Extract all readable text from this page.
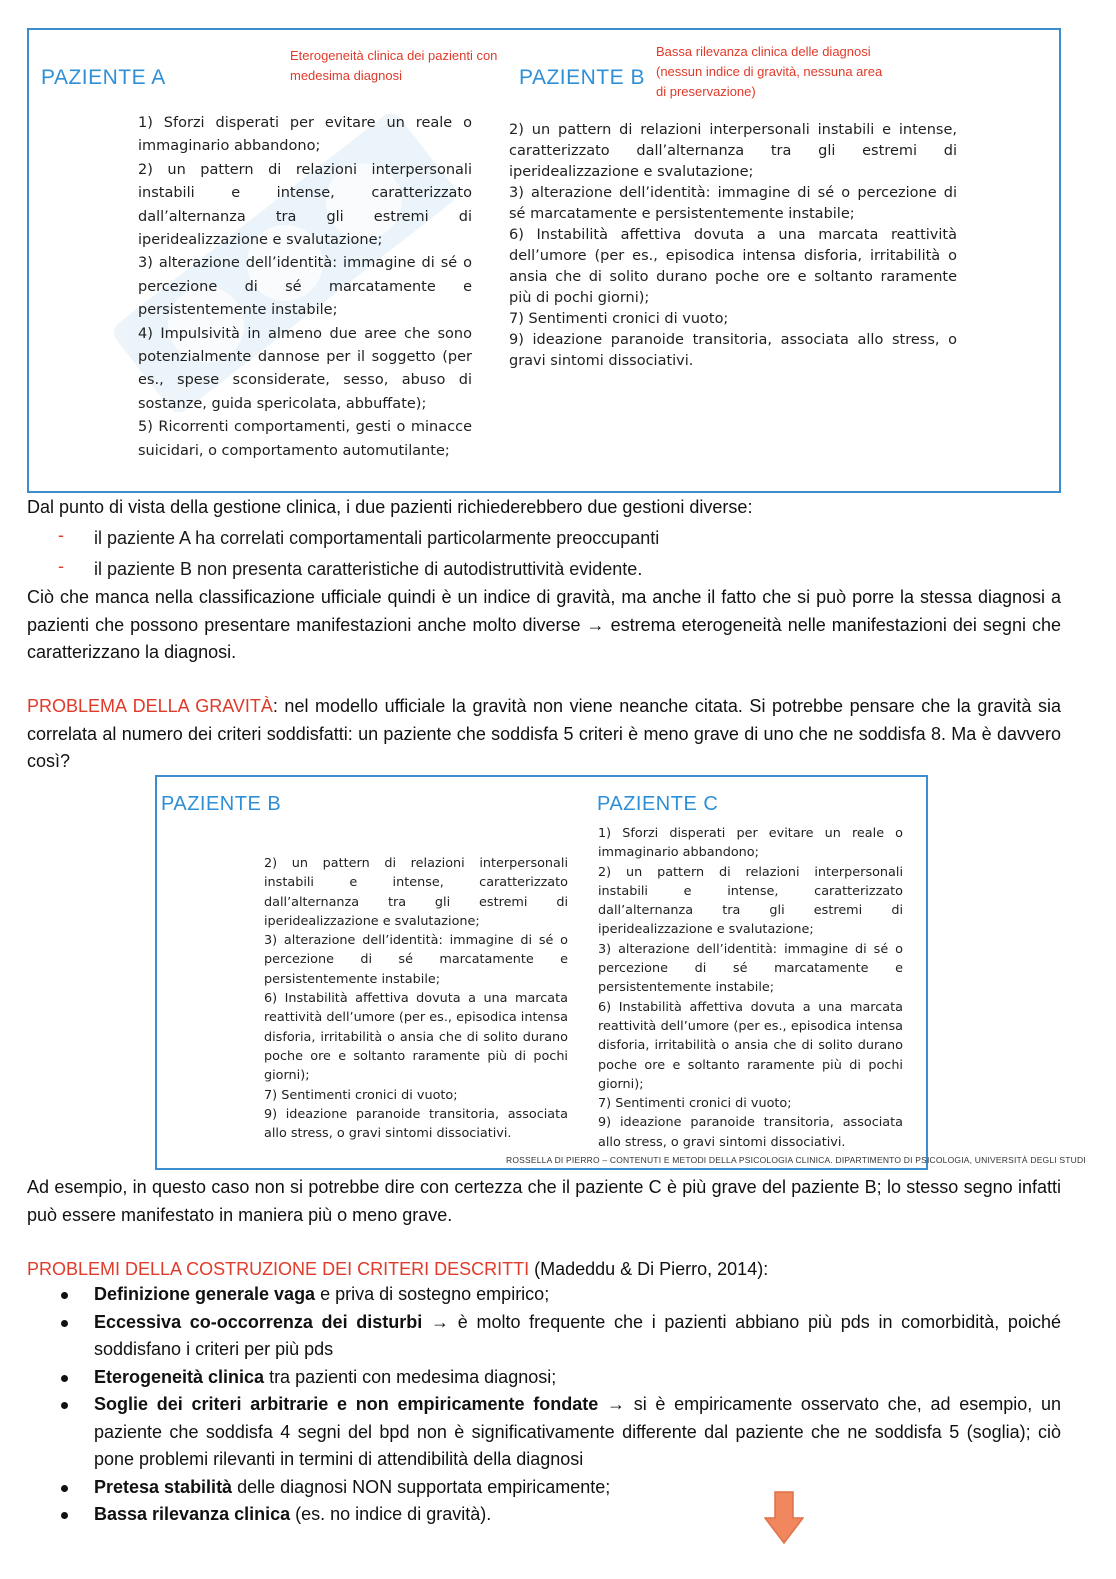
PAZIENTE A
Eterogeneità clinica dei pazienti con
medesima diagnosi	PAZIENTE B
Bassa rilevanza clinica delle diagnosi
(nessun indice di gravità, nessuna area
di preservazione)

1) Sforzi disperati per evitare un reale o immaginario abbandono;

2) un pattern di relazioni interpersonali instabili e intense, caratterizzato dall’alternanza tra gli estremi di iperidealizzazione e svalutazione;

3) alterazione dell’identità: immagine di sé o percezione di sé marcatamente e persistentemente instabile;

4) Impulsività in almeno due aree che sono potenzialmente dannose per il soggetto (per es., spese sconsiderate, sesso, abuso di sostanze, guida spericolata, abbuffate);

5) Ricorrenti comportamenti, gesti o minacce suicidari, o comportamento automutilante;

2) un pattern di relazioni interpersonali instabili e intense, caratterizzato dall’alternanza tra gli estremi di iperidealizzazione e svalutazione;

3) alterazione dell’identità: immagine di sé o percezione di sé marcatamente e persistentemente instabile;

6) Instabilità affettiva dovuta a una marcata reattività dell’umore (per es., episodica intensa disforia, irritabilità o ansia che di solito durano poche ore e soltanto raramente più di pochi giorni);

7) Sentimenti cronici di vuoto;

9) ideazione paranoide transitoria, associata allo stress, o gravi sintomi dissociativi.

Dal punto di vista della gestione clinica, i due pazienti richiederebbero due gestioni diverse:
- il paziente A ha correlati comportamentali particolarmente preoccupanti
- il paziente B non presenta caratteristiche di autodistruttività evidente.
Ciò che manca nella classificazione ufficiale quindi è un indice di gravità, ma anche il fatto che si può porre la stessa diagnosi a pazienti che possono presentare manifestazioni anche molto diverse → estrema eterogeneità nelle manifestazioni dei segni che caratterizzano la diagnosi.
PROBLEMA DELLA GRAVITÀ: nel modello ufficiale la gravità non viene neanche citata. Si potrebbe pensare che la gravità sia correlata al numero dei criteri soddisfatti: un paziente che soddisfa 5 criteri è meno grave di uno che ne soddisfa 8. Ma è davvero così?
PAZIENTE B	PAZIENTE C

2) un pattern di relazioni interpersonali instabili e intense, caratterizzato dall’alternanza tra gli estremi di iperidealizzazione e svalutazione;

3) alterazione dell’identità: immagine di sé o percezione di sé marcatamente e persistentemente instabile;

6) Instabilità affettiva dovuta a una marcata reattività dell’umore (per es., episodica intensa disforia, irritabilità o ansia che di solito durano poche ore e soltanto raramente più di pochi giorni);

7) Sentimenti cronici di vuoto;

9) ideazione paranoide transitoria, associata allo stress, o gravi sintomi dissociativi.

1) Sforzi disperati per evitare un reale o immaginario abbandono;

2) un pattern di relazioni interpersonali instabili e intense, caratterizzato dall’alternanza tra gli estremi di iperidealizzazione e svalutazione;

3) alterazione dell’identità: immagine di sé o percezione di sé marcatamente e persistentemente instabile;

6) Instabilità affettiva dovuta a una marcata reattività dell’umore (per es., episodica intensa disforia, irritabilità o ansia che di solito durano poche ore e soltanto raramente più di pochi giorni);

7) Sentimenti cronici di vuoto;

9) ideazione paranoide transitoria, associata allo stress, o gravi sintomi dissociativi.

ROSSELLA DI PIERRO – CONTENUTI E METODI DELLA PSICOLOGIA CLINICA. DIPARTIMENTO DI PSICOLOGIA, UNIVERSITÀ DEGLI STUDI
Ad esempio, in questo caso non si potrebbe dire con certezza che il paziente C è più grave del paziente B; lo stesso segno infatti può essere manifestato in maniera più o meno grave.
PROBLEMI DELLA COSTRUZIONE DEI CRITERI DESCRITTI (Madeddu & Di Pierro, 2014):
Definizione generale vaga e priva di sostegno empirico;
Eccessiva co-occorrenza dei disturbi → è molto frequente che i pazienti abbiano più pds in comorbidità, poiché soddisfano i criteri per più pds
Eterogeneità clinica tra pazienti con medesima diagnosi;
Soglie dei criteri arbitrarie e non empiricamente fondate → si è empiricamente osservato che, ad esempio, un paziente che soddisfa 4 segni del bpd non è significativamente differente dal paziente che ne soddisfa 5 (soglia); ciò pone problemi rilevanti in termini di attendibilità della diagnosi
Pretesa stabilità delle diagnosi NON supportata empiricamente;
Bassa rilevanza clinica (es. no indice di gravità).
